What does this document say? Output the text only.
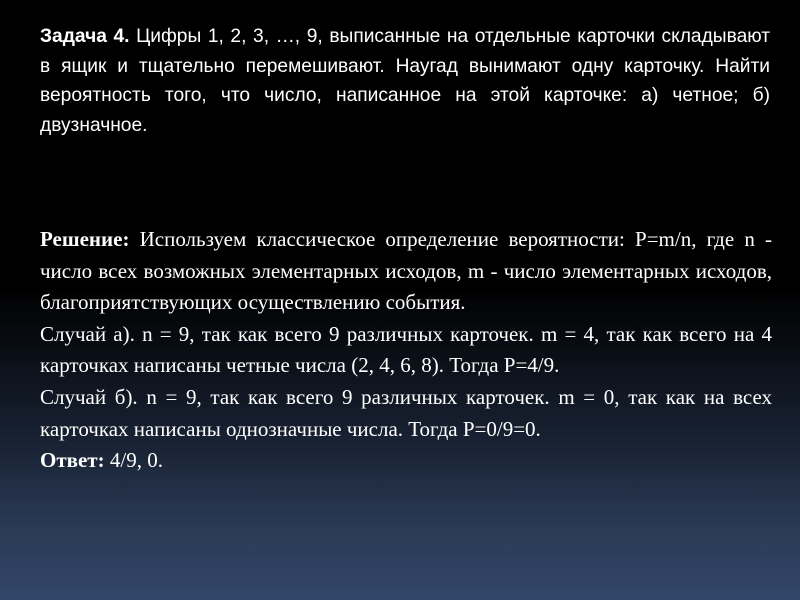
Задача 4. Цифры 1, 2, 3, …, 9, выписанные на отдельные карточки складывают в ящик и тщательно перемешивают. Наугад вынимают одну карточку. Найти вероятность того, что число, написанное на этой карточке: а) четное; б) двузначное.

Решение: Используем классическое определение вероятности: P=m/n, где n - число всех возможных элементарных исходов, m - число элементарных исходов, благоприятствующих осуществлению события.

Случай а). n = 9, так как всего 9 различных карточек. m = 4, так как всего на 4 карточках написаны четные числа (2, 4, 6, 8). Тогда P=4/9.

Случай б). n = 9, так как всего 9 различных карточек. m = 0, так как на всех карточках написаны однозначные числа. Тогда P=0/9=0.

Ответ: 4/9, 0.
